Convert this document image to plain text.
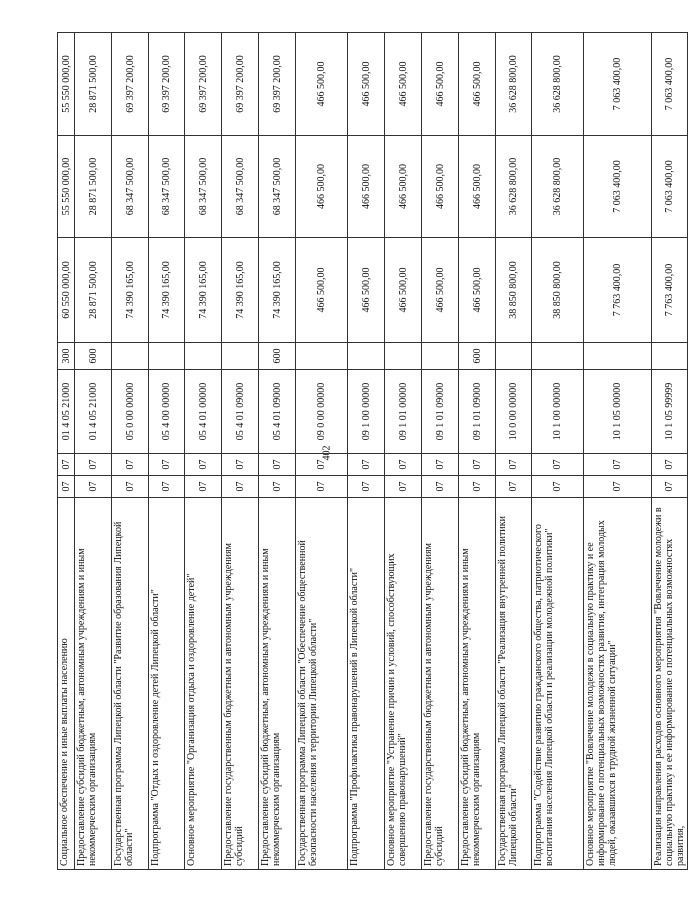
402
Социальное обеспечение и иные выплаты населению	07	07	01 4 05 21000	300	60 550 000,00	55 550 000,00	55 550 000,00
Предоставление субсидий бюджетным, автономным учреждениям и иным некоммерческим организациям	07	07	01 4 05 21000	600	28 871 500,00	28 871 500,00	28 871 500,00
Государственная программа Липецкой области "Развитие образования Липецкой области"	07	07	05 0 00 00000		74 390 165,00	68 347 500,00	69 397 200,00
Подпрограмма "Отдых и оздоровление детей Липецкой области"	07	07	05 4 00 00000		74 390 165,00	68 347 500,00	69 397 200,00
Основное мероприятие "Организация отдыха и оздоровление детей"	07	07	05 4 01 00000		74 390 165,00	68 347 500,00	69 397 200,00
Предоставление государственным бюджетным и автономным учреждениям субсидий	07	07	05 4 01 09000		74 390 165,00	68 347 500,00	69 397 200,00
Предоставление субсидий бюджетным, автономным учреждениям и иным некоммерческим организациям	07	07	05 4 01 09000	600	74 390 165,00	68 347 500,00	69 397 200,00
Государственная программа Липецкой области "Обеспечение общественной безопасности населения и территории Липецкой области"	07	07	09 0 00 00000		466 500,00	466 500,00	466 500,00
Подпрограмма "Профилактика правонарушений в Липецкой области"	07	07	09 1 00 00000		466 500,00	466 500,00	466 500,00
Основное мероприятие "Устранение причин и условий, способствующих совершению правонарушений"	07	07	09 1 01 00000		466 500,00	466 500,00	466 500,00
Предоставление государственным бюджетным и автономным учреждениям субсидий	07	07	09 1 01 09000		466 500,00	466 500,00	466 500,00
Предоставление субсидий бюджетным, автономным учреждениям и иным некоммерческим организациям	07	07	09 1 01 09000	600	466 500,00	466 500,00	466 500,00
Государственная программа Липецкой области "Реализация внутренней политики Липецкой области"	07	07	10 0 00 00000		38 850 800,00	36 628 800,00	36 628 800,00
Подпрограмма "Содействие развитию гражданского общества, патриотического воспитания населения Липецкой области и реализации молодежной политики"	07	07	10 1 00 00000		38 850 800,00	36 628 800,00	36 628 800,00
Основное мероприятие "Вовлечение молодежи в социальную практику и ее информирование о потенциальных возможностях развития, интеграция молодых людей, оказавшихся в трудной жизненной ситуации"	07	07	10 1 05 00000		7 763 400,00	7 063 400,00	7 063 400,00
Реализация направления расходов основного мероприятия "Вовлечение молодежи в социальную практику и ее информирование о потенциальных возможностях развития,	07	07	10 1 05 99999		7 763 400,00	7 063 400,00	7 063 400,00
